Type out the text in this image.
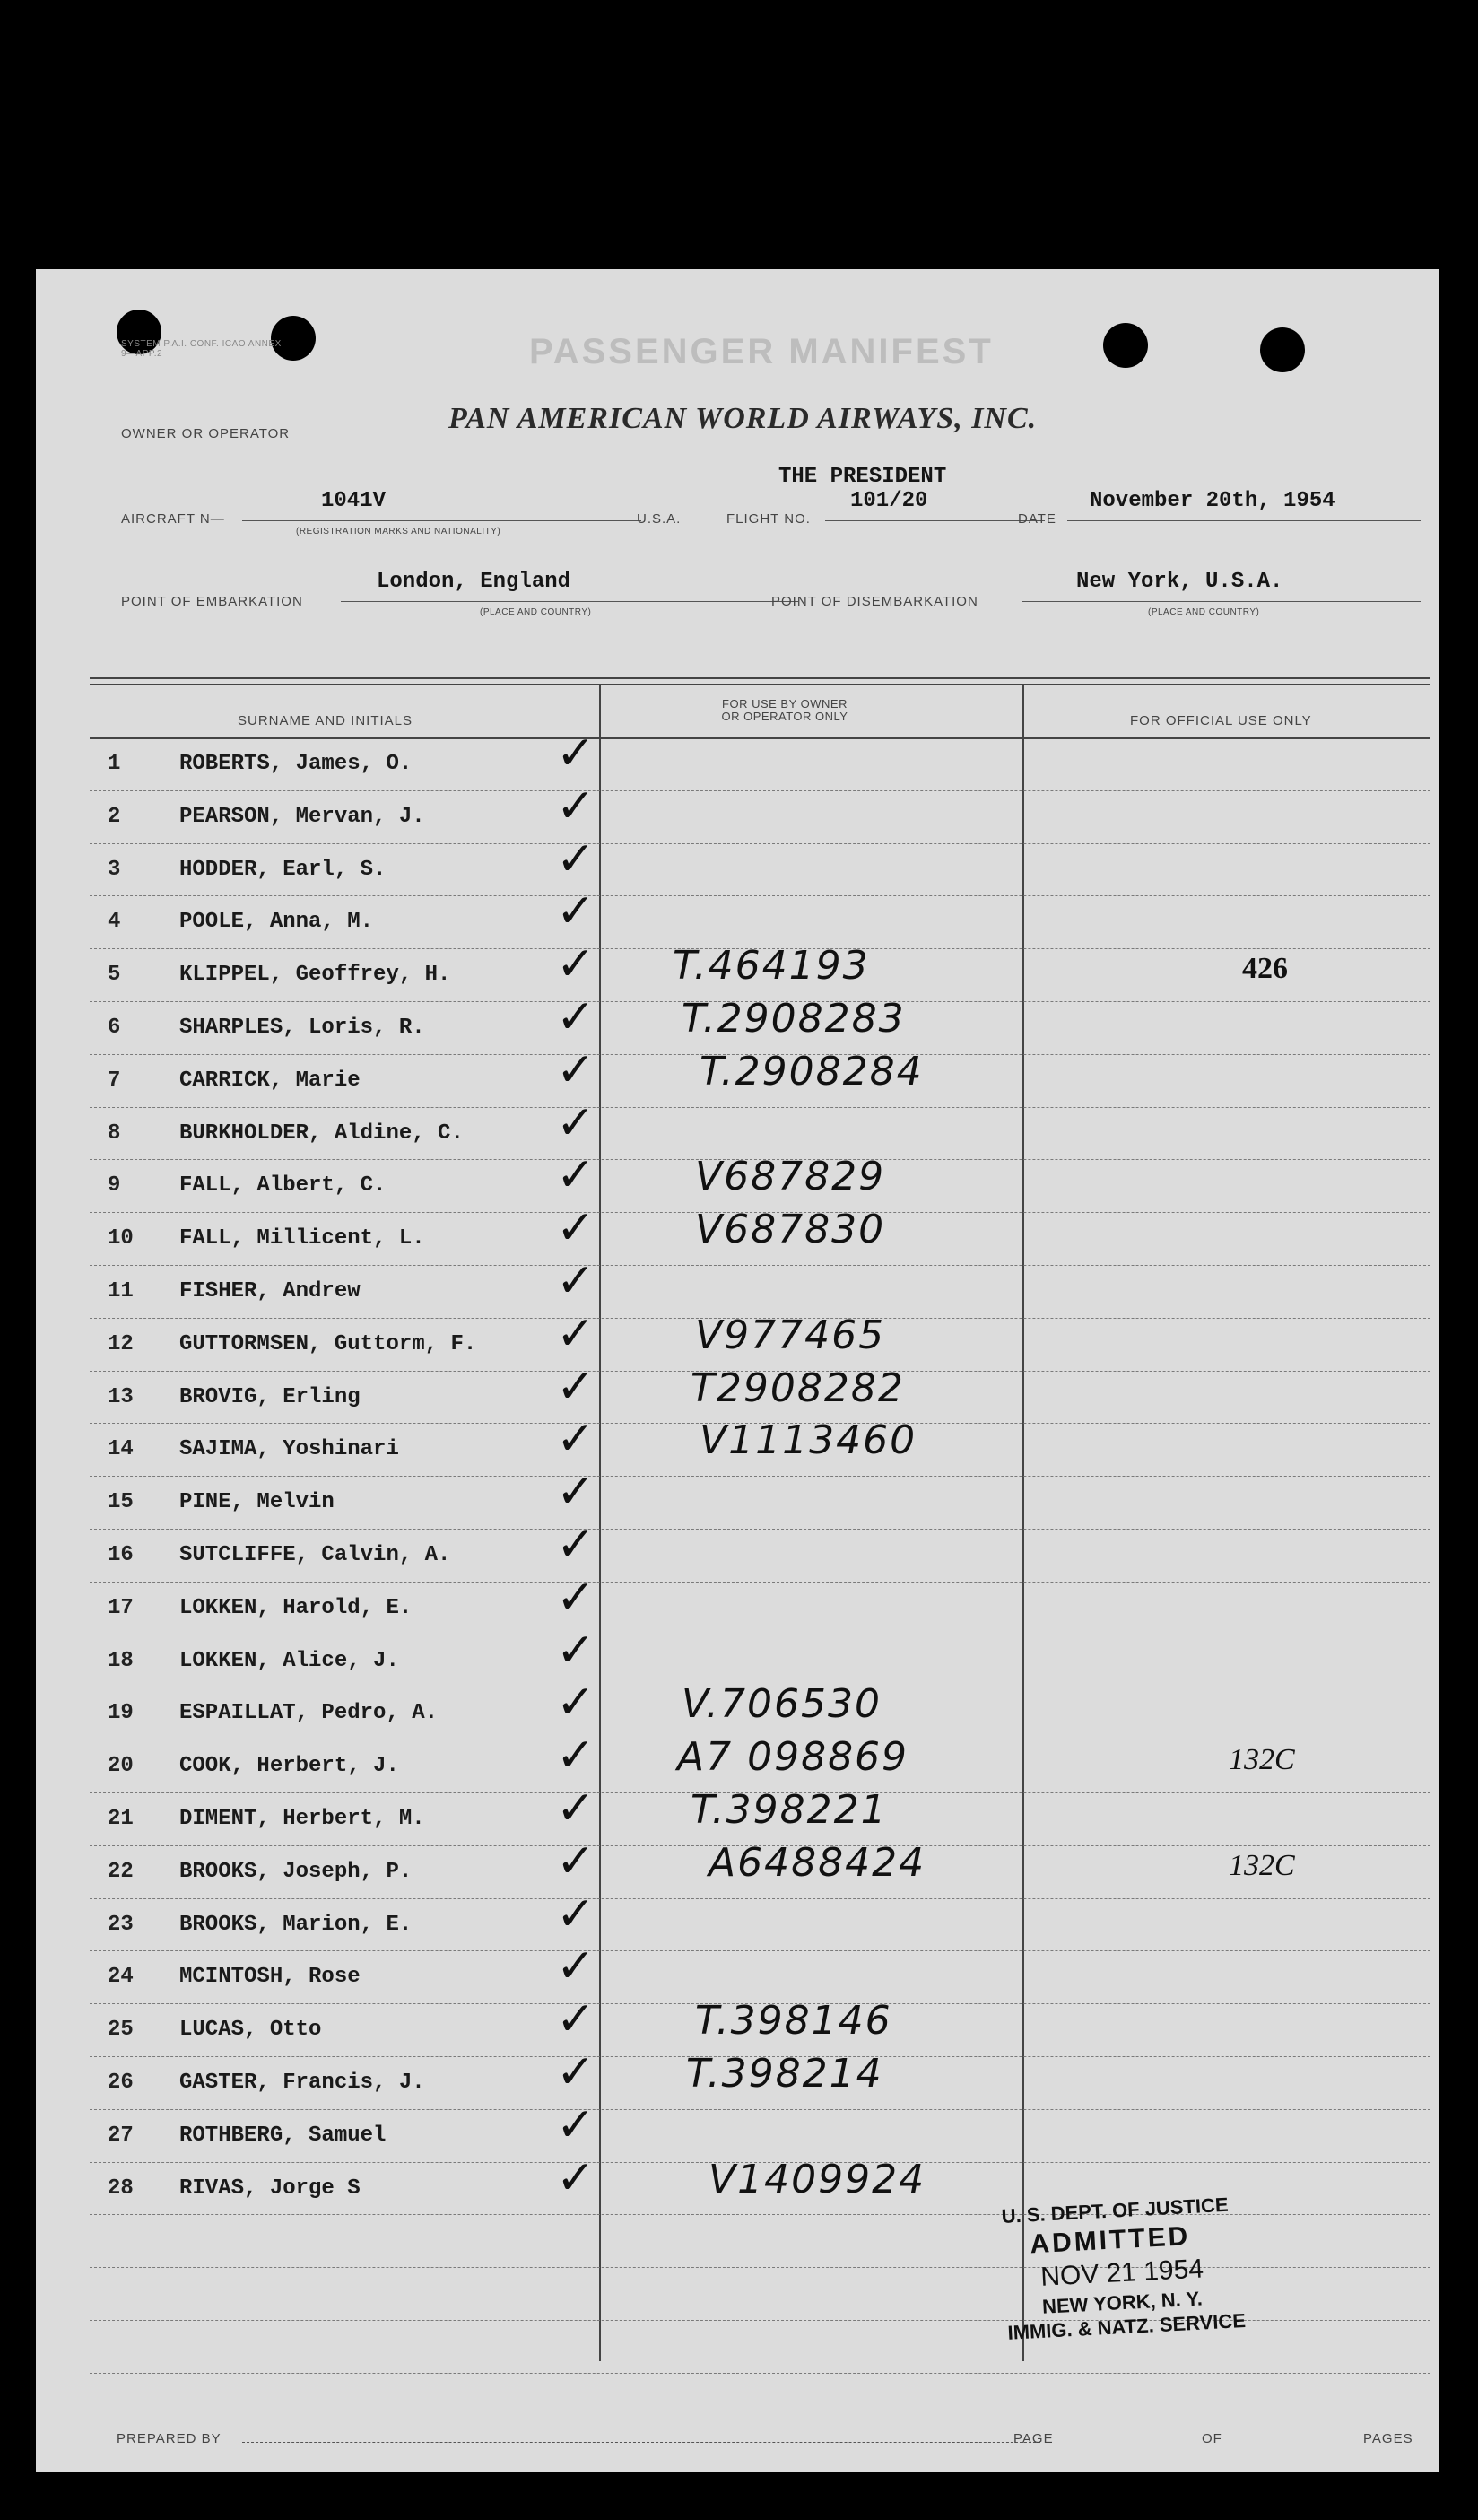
SYSTEM P.A.I. CONF. ICAO ANNEX 9—APP.2	PASSENGER MANIFEST
OWNER OR OPERATOR	PAN AMERICAN WORLD AIRWAYS, INC.
THE PRESIDENT
AIRCRAFT N—
1041V
(REGISTRATION MARKS AND NATIONALITY)
U.S.A.	FLIGHT NO.
101/20
DATE
November 20th, 1954
POINT OF EMBARKATION
London, England
(PLACE AND COUNTRY)
POINT OF DISEMBARKATION
New York, U.S.A.
(PLACE AND COUNTRY)
SURNAME AND INITIALS
FOR USE BY OWNER OR OPERATOR ONLY	FOR OFFICIAL USE ONLY
1	ROBERTS, James, O.	✓
2	PEARSON, Mervan, J.	✓
3	HODDER, Earl, S.	✓
4	POOLE, Anna, M.	✓
5	KLIPPEL, Geoffrey, H. ✓ T.464193	426
6	SHARPLES, Loris, R.	✓ T.2908283
7	CARRICK, Marie	✓	T.2908284
8	BURKHOLDER, Aldine, C. ✓
9	FALL, Albert, C.	✓	V687829
10	FALL, Millicent, L.	✓	V687830
11	FISHER, Andrew	✓
12	GUTTORMSEN, Guttorm, F. ✓	V977465
13	BROVIG, Erling	✓ T2908282
14	SAJIMA, Yoshinari	✓	V1113460
15	PINE, Melvin	✓
16	SUTCLIFFE, Calvin, A. ✓
17	LOKKEN, Harold, E.	✓
18	LOKKEN, Alice, J.	✓
19	ESPAILLAT, Pedro, A.	✓ V.706530
20	COOK, Herbert, J.	✓ A7 098869	132C
21	DIMENT, Herbert, M.	✓ T.398221
22	BROOKS, Joseph, P.	✓	A6488424	132C
23	BROOKS, Marion, E.	✓
24	MCINTOSH, Rose	✓
25	LUCAS, Otto	✓	T.398146
26	GASTER, Francis, J.	✓ T.398214
27	ROTHBERG, Samuel	✓
28	RIVAS, Jorge S	✓	V1409924
U. S. DEPT. OF JUSTICE
ADMITTED
NOV 21 1954
NEW YORK, N. Y.
IMMIG. & NATZ. SERVICE
PREPARED BY	PAGE	OF	PAGES
